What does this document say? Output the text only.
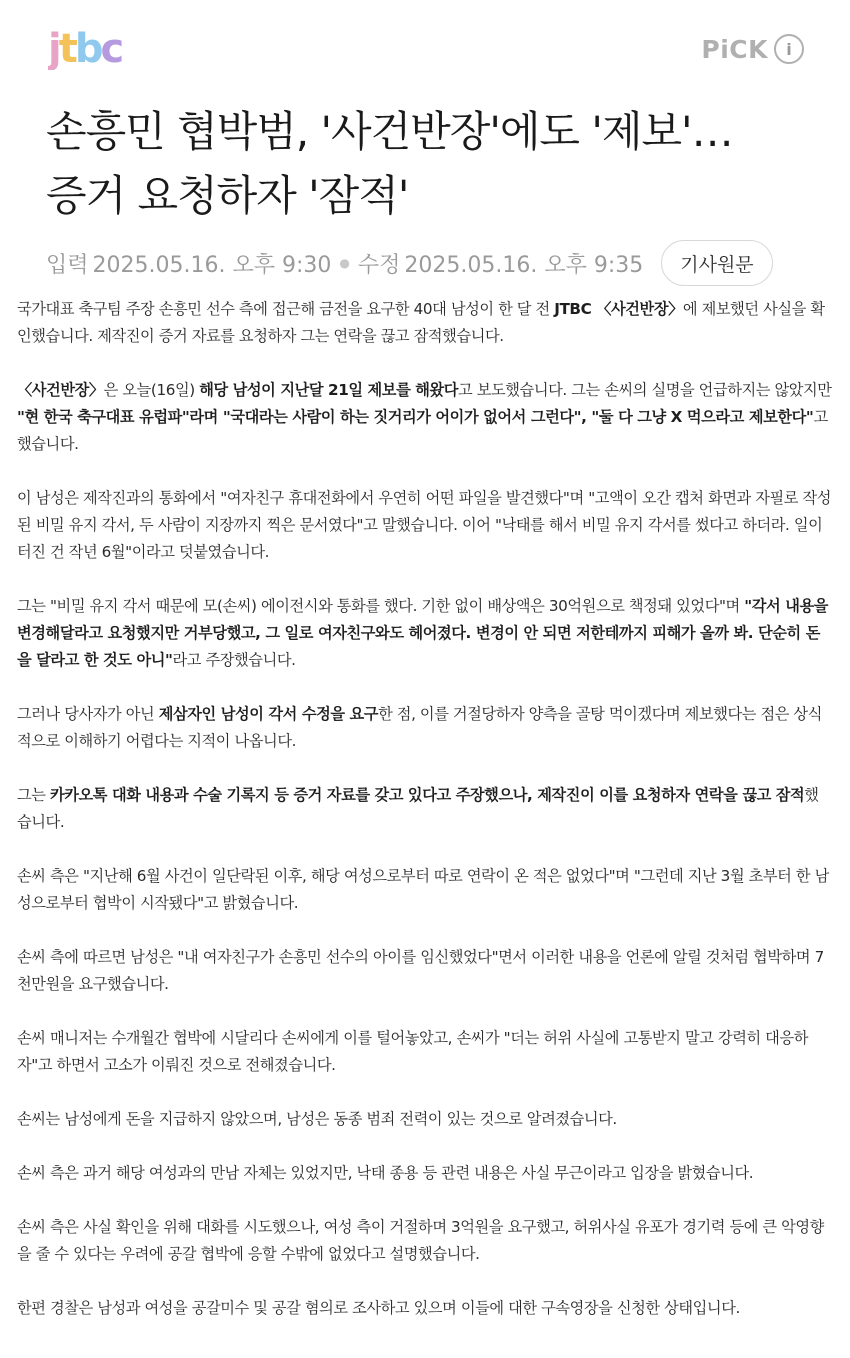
jtbc	PiCK	i
손흥민 협박범, '사건반장'에도 '제보'…
증거 요청하자 '잠적'
입력 2025.05.16. 오후 9:30 ● 수정 2025.05.16. 오후 9:35	기사원문

국가대표 축구팀 주장 손흥민 선수 측에 접근해 금전을 요구한 40대 남성이 한 달 전 JTBC 〈사건반장〉에 제보했던 사실을 확인했습니다. 제작진이 증거 자료를 요청하자 그는 연락을 끊고 잠적했습니다.

〈사건반장〉은 오늘(16일) 해당 남성이 지난달 21일 제보를 해왔다고 보도했습니다. 그는 손씨의 실명을 언급하지는 않았지만 "현 한국 축구대표 유럽파"라며 "국대라는 사람이 하는 짓거리가 어이가 없어서 그런다", "둘 다 그냥 X 먹으라고 제보한다"고 했습니다.

이 남성은 제작진과의 통화에서 "여자친구 휴대전화에서 우연히 어떤 파일을 발견했다"며 "고액이 오간 캡처 화면과 자필로 작성된 비밀 유지 각서, 두 사람이 지장까지 찍은 문서였다"고 말했습니다. 이어 "낙태를 해서 비밀 유지 각서를 썼다고 하더라. 일이 터진 건 작년 6월"이라고 덧붙였습니다.

그는 "비밀 유지 각서 때문에 모(손씨) 에이전시와 통화를 했다. 기한 없이 배상액은 30억원으로 책정돼 있었다"며 "각서 내용을 변경해달라고 요청했지만 거부당했고, 그 일로 여자친구와도 헤어졌다. 변경이 안 되면 저한테까지 피해가 올까 봐. 단순히 돈을 달라고 한 것도 아니"라고 주장했습니다.

그러나 당사자가 아닌 제삼자인 남성이 각서 수정을 요구한 점, 이를 거절당하자 양측을 골탕 먹이겠다며 제보했다는 점은 상식적으로 이해하기 어렵다는 지적이 나옵니다.

그는 카카오톡 대화 내용과 수술 기록지 등 증거 자료를 갖고 있다고 주장했으나, 제작진이 이를 요청하자 연락을 끊고 잠적했습니다.

손씨 측은 "지난해 6월 사건이 일단락된 이후, 해당 여성으로부터 따로 연락이 온 적은 없었다"며 "그런데 지난 3월 초부터 한 남성으로부터 협박이 시작됐다"고 밝혔습니다.

손씨 측에 따르면 남성은 "내 여자친구가 손흥민 선수의 아이를 임신했었다"면서 이러한 내용을 언론에 알릴 것처럼 협박하며 7천만원을 요구했습니다.

손씨 매니저는 수개월간 협박에 시달리다 손씨에게 이를 털어놓았고, 손씨가 "더는 허위 사실에 고통받지 말고 강력히 대응하자"고 하면서 고소가 이뤄진 것으로 전해졌습니다.

손씨는 남성에게 돈을 지급하지 않았으며, 남성은 동종 범죄 전력이 있는 것으로 알려졌습니다.

손씨 측은 과거 해당 여성과의 만남 자체는 있었지만, 낙태 종용 등 관련 내용은 사실 무근이라고 입장을 밝혔습니다.

손씨 측은 사실 확인을 위해 대화를 시도했으나, 여성 측이 거절하며 3억원을 요구했고, 허위사실 유포가 경기력 등에 큰 악영향을 줄 수 있다는 우려에 공갈 협박에 응할 수밖에 없었다고 설명했습니다.

한편 경찰은 남성과 여성을 공갈미수 및 공갈 혐의로 조사하고 있으며 이들에 대한 구속영장을 신청한 상태입니다.
